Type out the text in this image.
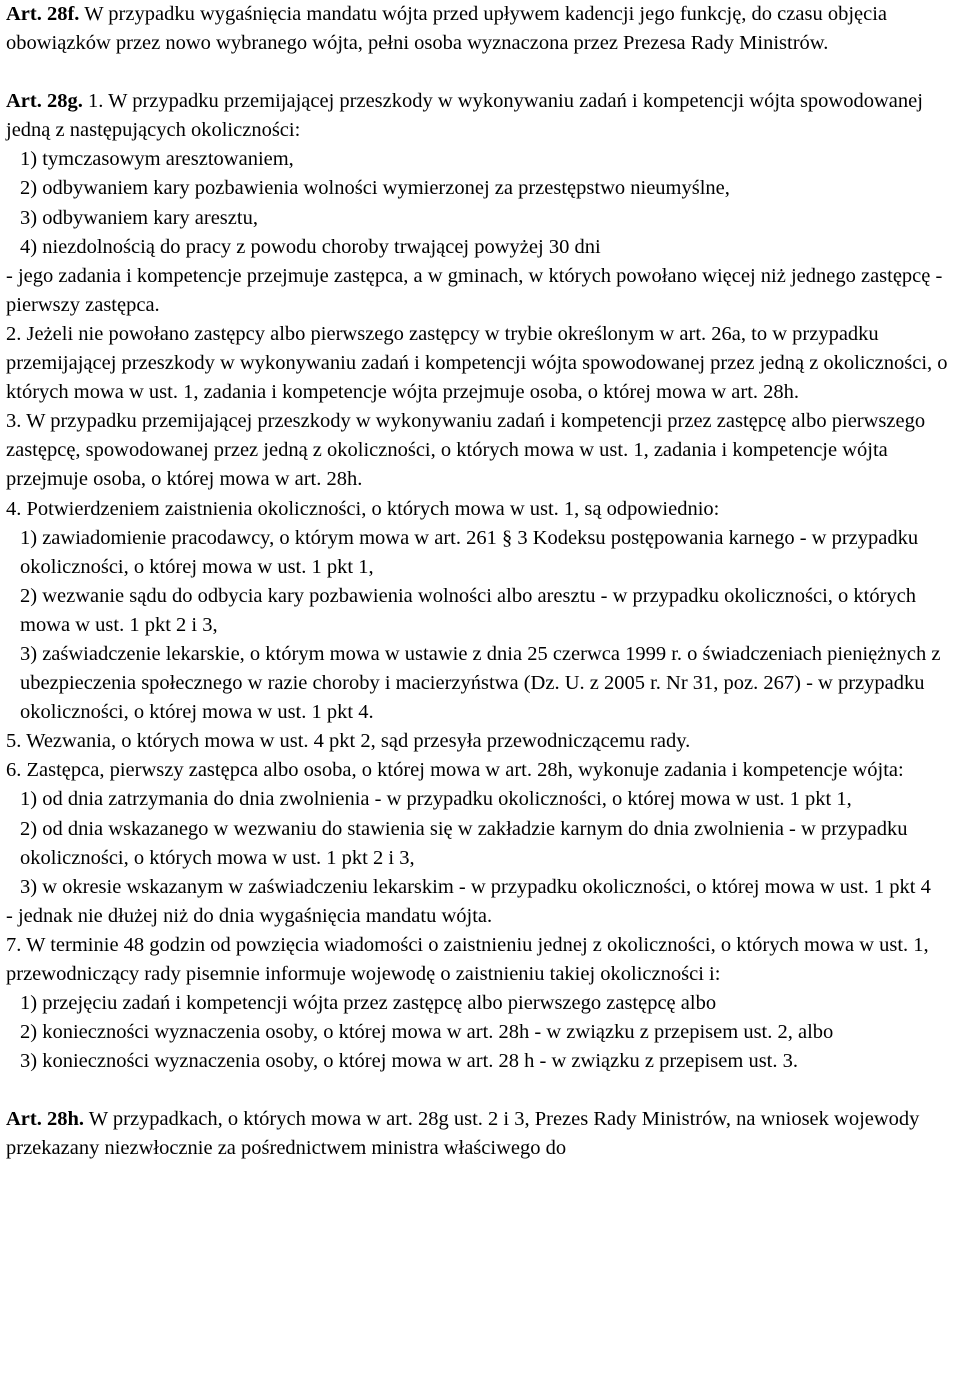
Art. 28f. W przypadku wygaśnięcia mandatu wójta przed upływem kadencji jego funkcję, do czasu objęcia obowiązków przez nowo wybranego wójta, pełni osoba wyznaczona przez Prezesa Rady Ministrów.

Art. 28g. 1. W przypadku przemijającej przeszkody w wykonywaniu zadań i kompetencji wójta spowodowanej jedną z następujących okoliczności:

1) tymczasowym aresztowaniem,

2) odbywaniem kary pozbawienia wolności wymierzonej za przestępstwo nieumyślne,

3) odbywaniem kary aresztu,

4) niezdolnością do pracy z powodu choroby trwającej powyżej 30 dni

- jego zadania i kompetencje przejmuje zastępca, a w gminach, w których powołano więcej niż jednego zastępcę - pierwszy zastępca.

2. Jeżeli nie powołano zastępcy albo pierwszego zastępcy w trybie określonym w art. 26a, to w przypadku przemijającej przeszkody w wykonywaniu zadań i kompetencji wójta spowodowanej przez jedną z okoliczności, o których mowa w ust. 1, zadania i kompetencje wójta przejmuje osoba, o której mowa w art. 28h.

3. W przypadku przemijającej przeszkody w wykonywaniu zadań i kompetencji przez zastępcę albo pierwszego zastępcę, spowodowanej przez jedną z okoliczności, o których mowa w ust. 1, zadania i kompetencje wójta przejmuje osoba, o której mowa w art. 28h.

4. Potwierdzeniem zaistnienia okoliczności, o których mowa w ust. 1, są odpowiednio:

1) zawiadomienie pracodawcy, o którym mowa w art. 261 § 3 Kodeksu postępowania karnego - w przypadku okoliczności, o której mowa w ust. 1 pkt 1,

2) wezwanie sądu do odbycia kary pozbawienia wolności albo aresztu - w przypadku okoliczności, o których mowa w ust. 1 pkt 2 i 3,

3) zaświadczenie lekarskie, o którym mowa w ustawie z dnia 25 czerwca 1999 r. o świadczeniach pieniężnych z ubezpieczenia społecznego w razie choroby i macierzyństwa (Dz. U. z 2005 r. Nr 31, poz. 267) - w przypadku okoliczności, o której mowa w ust. 1 pkt 4.

5. Wezwania, o których mowa w ust. 4 pkt 2, sąd przesyła przewodniczącemu rady.

6. Zastępca, pierwszy zastępca albo osoba, o której mowa w art. 28h, wykonuje zadania i kompetencje wójta:

1) od dnia zatrzymania do dnia zwolnienia - w przypadku okoliczności, o której mowa w ust. 1 pkt 1,

2) od dnia wskazanego w wezwaniu do stawienia się w zakładzie karnym do dnia zwolnienia - w przypadku okoliczności, o których mowa w ust. 1 pkt 2 i 3,

3) w okresie wskazanym w zaświadczeniu lekarskim - w przypadku okoliczności, o której mowa w ust. 1 pkt 4

- jednak nie dłużej niż do dnia wygaśnięcia mandatu wójta.

7. W terminie 48 godzin od powzięcia wiadomości o zaistnieniu jednej z okoliczności, o których mowa w ust. 1, przewodniczący rady pisemnie informuje wojewodę o zaistnieniu takiej okoliczności i:

1) przejęciu zadań i kompetencji wójta przez zastępcę albo pierwszego zastępcę albo

2) konieczności wyznaczenia osoby, o której mowa w art. 28h - w związku z przepisem ust. 2, albo

3) konieczności wyznaczenia osoby, o której mowa w art. 28 h - w związku z przepisem ust. 3.

Art. 28h. W przypadkach, o których mowa w art. 28g ust. 2 i 3, Prezes Rady Ministrów, na wniosek wojewody przekazany niezwłocznie za pośrednictwem ministra właściwego do
